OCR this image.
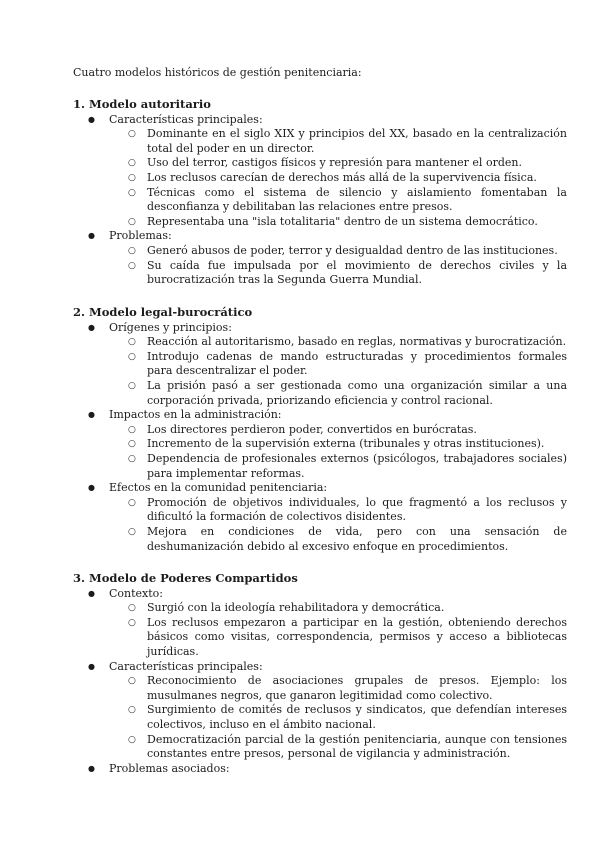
Cuatro modelos históricos de gestión penitenciaria:

1. Modelo autoritario
● Características principales:
○ Dominante en el siglo XIX y principios del XX, basado en la centralización total del poder en un director.
○ Uso del terror, castigos físicos y represión para mantener el orden.
○ Los reclusos carecían de derechos más allá de la supervivencia física.
○ Técnicas como el sistema de silencio y aislamiento fomentaban la desconfianza y debilitaban las relaciones entre presos.
○ Representaba una "isla totalitaria" dentro de un sistema democrático.
● Problemas:
○ Generó abusos de poder, terror y desigualdad dentro de las instituciones.
○ Su caída fue impulsada por el movimiento de derechos civiles y la burocratización tras la Segunda Guerra Mundial.
2. Modelo legal-burocrático
● Orígenes y principios:
○ Reacción al autoritarismo, basado en reglas, normativas y burocratización.
○ Introdujo cadenas de mando estructuradas y procedimientos formales para descentralizar el poder.
○ La prisión pasó a ser gestionada como una organización similar a una corporación privada, priorizando eficiencia y control racional.
● Impactos en la administración:
○ Los directores perdieron poder, convertidos en burócratas.
○ Incremento de la supervisión externa (tribunales y otras instituciones).
○ Dependencia de profesionales externos (psicólogos, trabajadores sociales) para implementar reformas.
● Efectos en la comunidad penitenciaria:
○ Promoción de objetivos individuales, lo que fragmentó a los reclusos y dificultó la formación de colectivos disidentes.
○ Mejora en condiciones de vida, pero con una sensación de deshumanización debido al excesivo enfoque en procedimientos.
3. Modelo de Poderes Compartidos
● Contexto:
○ Surgió con la ideología rehabilitadora y democrática.
○ Los reclusos empezaron a participar en la gestión, obteniendo derechos básicos como visitas, correspondencia, permisos y acceso a bibliotecas jurídicas.
● Características principales:
○ Reconocimiento de asociaciones grupales de presos. Ejemplo: los musulmanes negros, que ganaron legitimidad como colectivo.
○ Surgimiento de comités de reclusos y sindicatos, que defendían intereses colectivos, incluso en el ámbito nacional.
○ Democratización parcial de la gestión penitenciaria, aunque con tensiones constantes entre presos, personal de vigilancia y administración.
● Problemas asociados:
